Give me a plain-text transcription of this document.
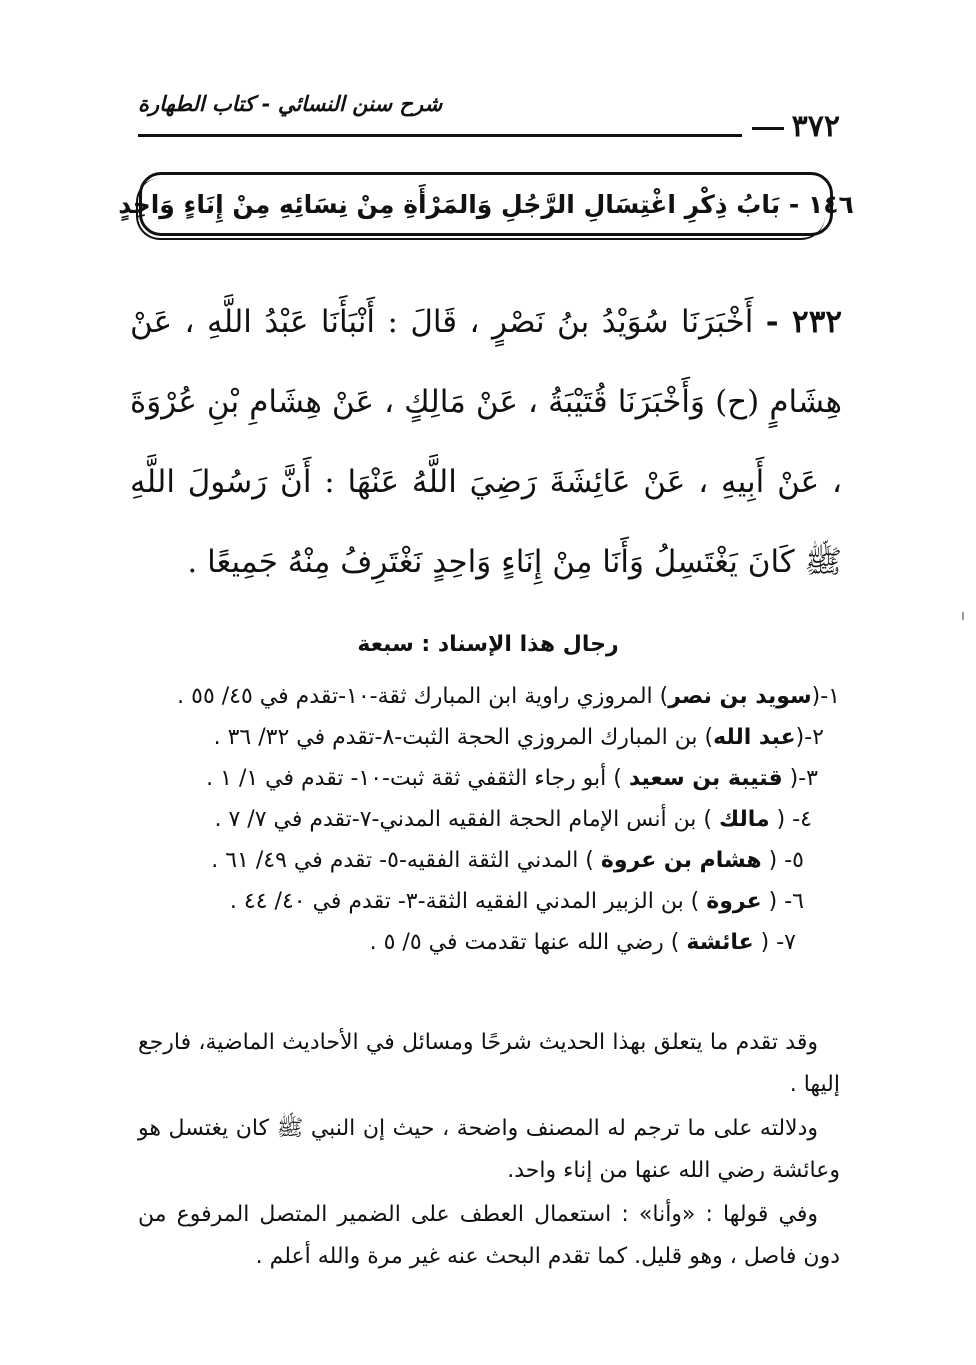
شرح سنن النسائي - كتاب الطهارة
٣٧٢
١٤٦ - بَابُ ذِكْرِ اغْتِسَالِ الرَّجُلِ وَالمَرْأَةِ مِنْ نِسَائِهِ مِنْ إِنَاءٍ وَاحِدٍ

٢٣٢ - أَخْبَرَنَا سُوَيْدُ بنُ نَصْرٍ ، قَالَ : أَنْبَأَنَا عَبْدُ اللَّهِ ، عَنْ هِشَامٍ (ح) وَأَخْبَرَنَا قُتَيْبَةُ ، عَنْ مَالِكٍ ، عَنْ هِشَامِ بْنِ عُرْوَةَ ، عَنْ أَبِيهِ ، عَنْ عَائِشَةَ رَضِيَ اللَّهُ عَنْهَا : أَنَّ رَسُولَ اللَّهِ ﷺ كَانَ يَغْتَسِلُ وَأَنَا مِنْ إِنَاءٍ وَاحِدٍ نَغْتَرِفُ مِنْهُ جَمِيعًا .

رجال هذا الإسناد : سبعة

١-(سويد بن نصر) المروزي راوية ابن المبارك ثقة-١٠-تقدم في ٤٥/ ٥٥ .

٢-(عبد الله) بن المبارك المروزي الحجة الثبت-٨-تقدم في ٣٢/ ٣٦ .

٣-( قتيبة بن سعيد ) أبو رجاء الثقفي ثقة ثبت-١٠- تقدم في ١/ ١ .

٤- ( مالك ) بن أنس الإمام الحجة الفقيه المدني-٧-تقدم في ٧/ ٧ .

٥- ( هشام بن عروة ) المدني الثقة الفقيه-٥- تقدم في ٤٩/ ٦١ .

٦- ( عروة ) بن الزبير المدني الفقيه الثقة-٣- تقدم في ٤٠/ ٤٤ .

٧- ( عائشة ) رضي الله عنها تقدمت في ٥/ ٥ .

وقد تقدم ما يتعلق بهذا الحديث شرحًا ومسائل في الأحاديث الماضية، فارجع إليها .

ودلالته على ما ترجم له المصنف واضحة ، حيث إن النبي ﷺ كان يغتسل هو وعائشة رضي الله عنها من إناء واحد.

وفي قولها : «وأنا» : استعمال العطف على الضمير المتصل المرفوع من دون فاصل ، وهو قليل. كما تقدم البحث عنه غير مرة والله أعلم .
